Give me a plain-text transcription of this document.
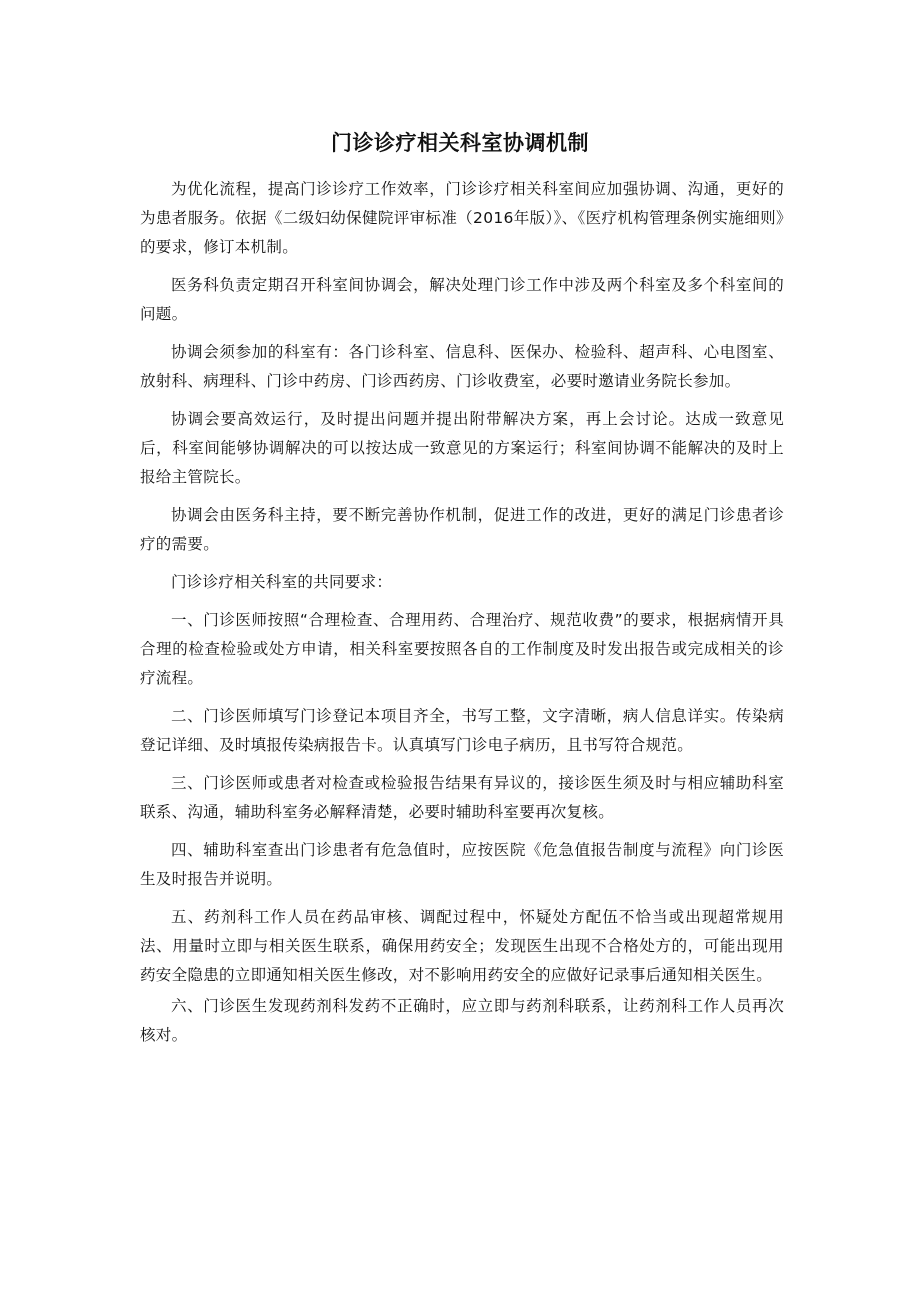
门诊诊疗相关科室协调机制

为优化流程，提高门诊诊疗工作效率，门诊诊疗相关科室间应加强协调、沟通，更好的为患者服务。依据《二级妇幼保健院评审标准（2016年版）》、《医疗机构管理条例实施细则》的要求，修订本机制。

医务科负责定期召开科室间协调会，解决处理门诊工作中涉及两个科室及多个科室间的问题。

协调会须参加的科室有：各门诊科室、信息科、医保办、检验科、超声科、心电图室、放射科、病理科、门诊中药房、门诊西药房、门诊收费室，必要时邀请业务院长参加。

协调会要高效运行，及时提出问题并提出附带解决方案，再上会讨论。达成一致意见后，科室间能够协调解决的可以按达成一致意见的方案运行；科室间协调不能解决的及时上报给主管院长。

协调会由医务科主持，要不断完善协作机制，促进工作的改进，更好的满足门诊患者诊疗的需要。

门诊诊疗相关科室的共同要求：

一、门诊医师按照“合理检查、合理用药、合理治疗、规范收费”的要求，根据病情开具合理的检查检验或处方申请，相关科室要按照各自的工作制度及时发出报告或完成相关的诊疗流程。

二、门诊医师填写门诊登记本项目齐全，书写工整，文字清晰，病人信息详实。传染病登记详细、及时填报传染病报告卡。认真填写门诊电子病历，且书写符合规范。

三、门诊医师或患者对检查或检验报告结果有异议的，接诊医生须及时与相应辅助科室联系、沟通，辅助科室务必解释清楚，必要时辅助科室要再次复核。

四、辅助科室查出门诊患者有危急值时，应按医院《危急值报告制度与流程》向门诊医生及时报告并说明。

五、药剂科工作人员在药品审核、调配过程中，怀疑处方配伍不恰当或出现超常规用法、用量时立即与相关医生联系，确保用药安全；发现医生出现不合格处方的，可能出现用药安全隐患的立即通知相关医生修改，对不影响用药安全的应做好记录事后通知相关医生。

六、门诊医生发现药剂科发药不正确时，应立即与药剂科联系，让药剂科工作人员再次核对。
